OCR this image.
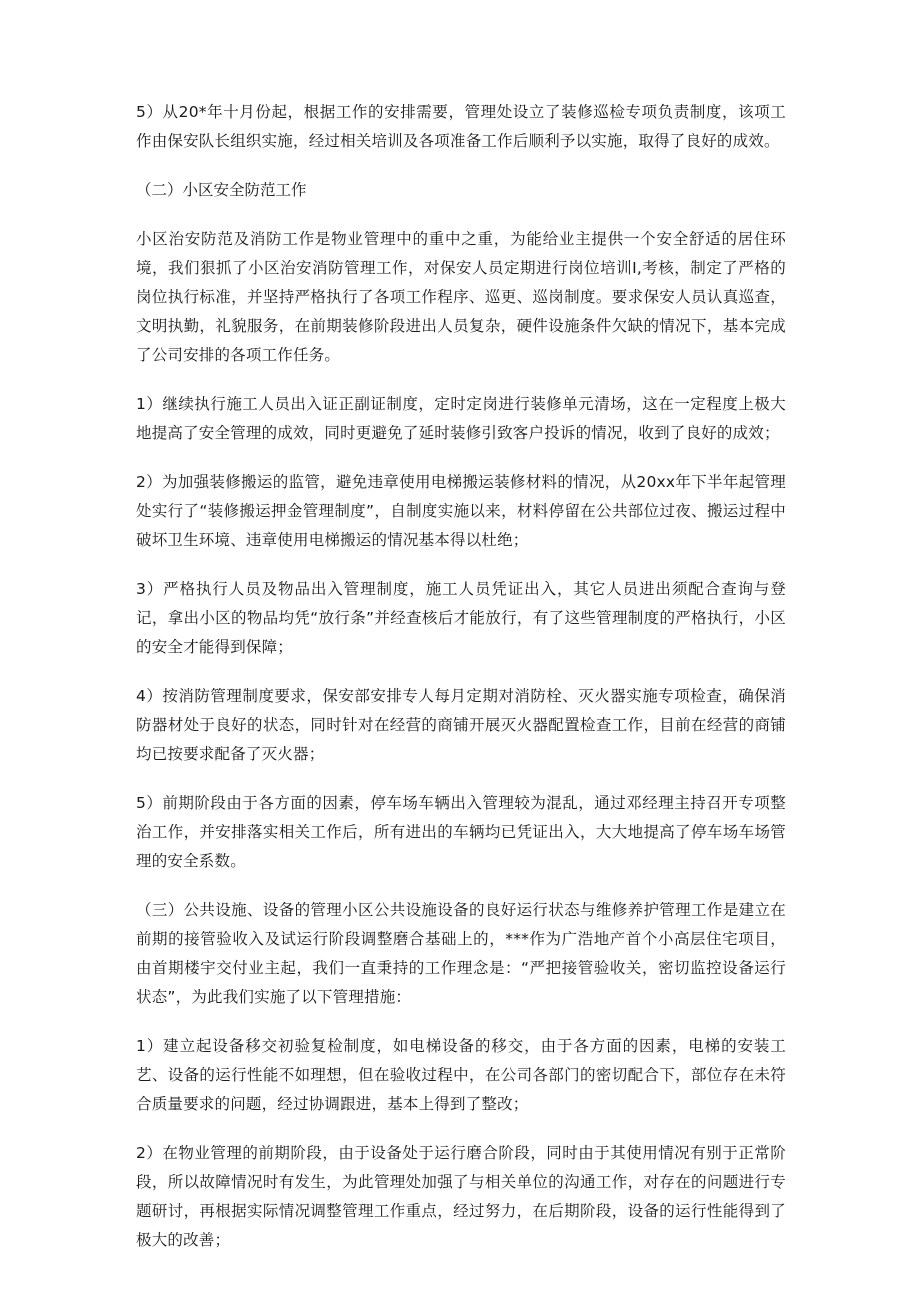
5）从20*年十月份起，根据工作的安排需要，管理处设立了装修巡检专项负责制度，该项工作由保安队长组织实施，经过相关培训及各项准备工作后顺利予以实施，取得了良好的成效。

（二）小区安全防范工作

小区治安防范及消防工作是物业管理中的重中之重，为能给业主提供一个安全舒适的居住环境，我们狠抓了小区治安消防管理工作，对保安人员定期进行岗位培训I,考核，制定了严格的岗位执行标准，并坚持严格执行了各项工作程序、巡更、巡岗制度。要求保安人员认真巡查，文明执勤，礼貌服务，在前期装修阶段进出人员复杂，硬件设施条件欠缺的情况下，基本完成了公司安排的各项工作任务。

1）继续执行施工人员出入证正副证制度，定时定岗进行装修单元清场，这在一定程度上极大地提高了安全管理的成效，同时更避免了延时装修引致客户投诉的情况，收到了良好的成效；

2）为加强装修搬运的监管，避免违章使用电梯搬运装修材料的情况，从20xx年下半年起管理处实行了“装修搬运押金管理制度”，自制度实施以来，材料停留在公共部位过夜、搬运过程中破坏卫生环境、违章使用电梯搬运的情况基本得以杜绝；

3）严格执行人员及物品出入管理制度，施工人员凭证出入，其它人员进出须配合查询与登记，拿出小区的物品均凭“放行条”并经查核后才能放行，有了这些管理制度的严格执行，小区的安全才能得到保障；

4）按消防管理制度要求，保安部安排专人每月定期对消防栓、灭火器实施专项检查，确保消防器材处于良好的状态，同时针对在经营的商铺开展灭火器配置检查工作，目前在经营的商铺均已按要求配备了灭火器；

5）前期阶段由于各方面的因素，停车场车辆出入管理较为混乱，通过邓经理主持召开专项整治工作，并安排落实相关工作后，所有进出的车辆均已凭证出入，大大地提高了停车场车场管理的安全系数。

（三）公共设施、设备的管理小区公共设施设备的良好运行状态与维修养护管理工作是建立在前期的接管验收入及试运行阶段调整磨合基础上的，***作为广浩地产首个小高层住宅项目，由首期楼宇交付业主起，我们一直秉持的工作理念是：“严把接管验收关，密切监控设备运行状态”，为此我们实施了以下管理措施：

1）建立起设备移交初验复检制度，如电梯设备的移交，由于各方面的因素，电梯的安装工艺、设备的运行性能不如理想，但在验收过程中，在公司各部门的密切配合下，部位存在未符合质量要求的问题，经过协调跟进，基本上得到了整改；

2）在物业管理的前期阶段，由于设备处于运行磨合阶段，同时由于其使用情况有别于正常阶段，所以故障情况时有发生，为此管理处加强了与相关单位的沟通工作，对存在的问题进行专题研讨，再根据实际情况调整管理工作重点，经过努力，在后期阶段，设备的运行性能得到了极大的改善；
